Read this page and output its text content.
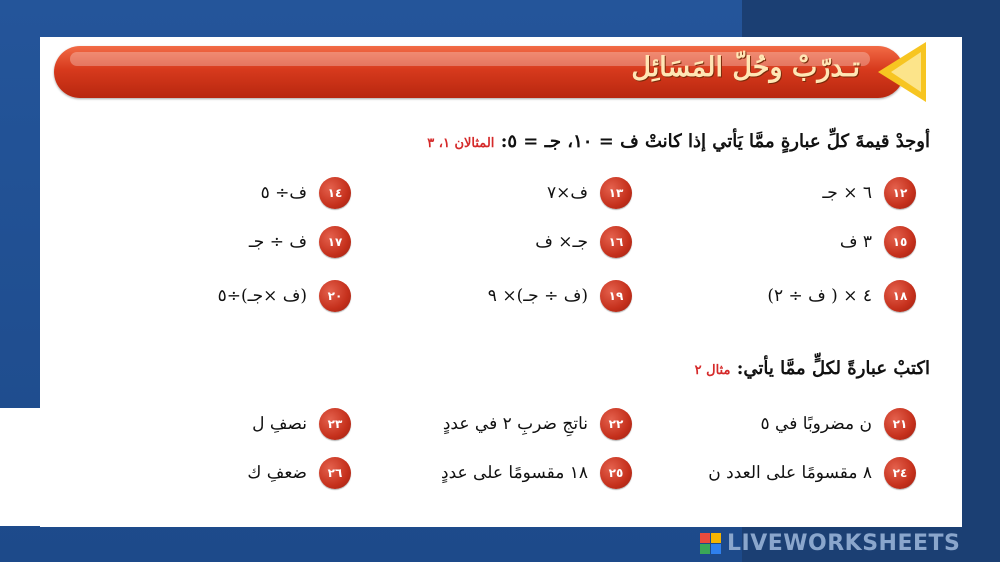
تـدرّبْ وحُلّ المَسَائِل
أوجدْ قيمةَ كلِّ عبارةٍ ممَّا يَأتي إذا كانتْ ف = ١٠، جـ = ٥: المثالان ١، ٣
١٢
٦ × جـ
١٣
ف×٧
١٤
ف÷ ٥
١٥
٣ ف
١٦
جـ× ف
١٧
ف ÷ جـ
١٨
٤ × ( ف ÷ ٢)
١٩
(ف ÷ جـ)× ٩
٢٠
(ف ×جـ)÷٥
اكتبْ عبارةً لكلٍّ ممَّا يأتي: مثال ٢
٢١
ن مضروبًا في ٥
٢٢
ناتجِ ضربِ ٢ في عددٍ
٢٣
نصفِ ل
٢٤
٨ مقسومًا على العدد ن
٢٥
١٨ مقسومًا على عددٍ
٢٦
ضعفِ ك
LIVEWORKSHEETS
